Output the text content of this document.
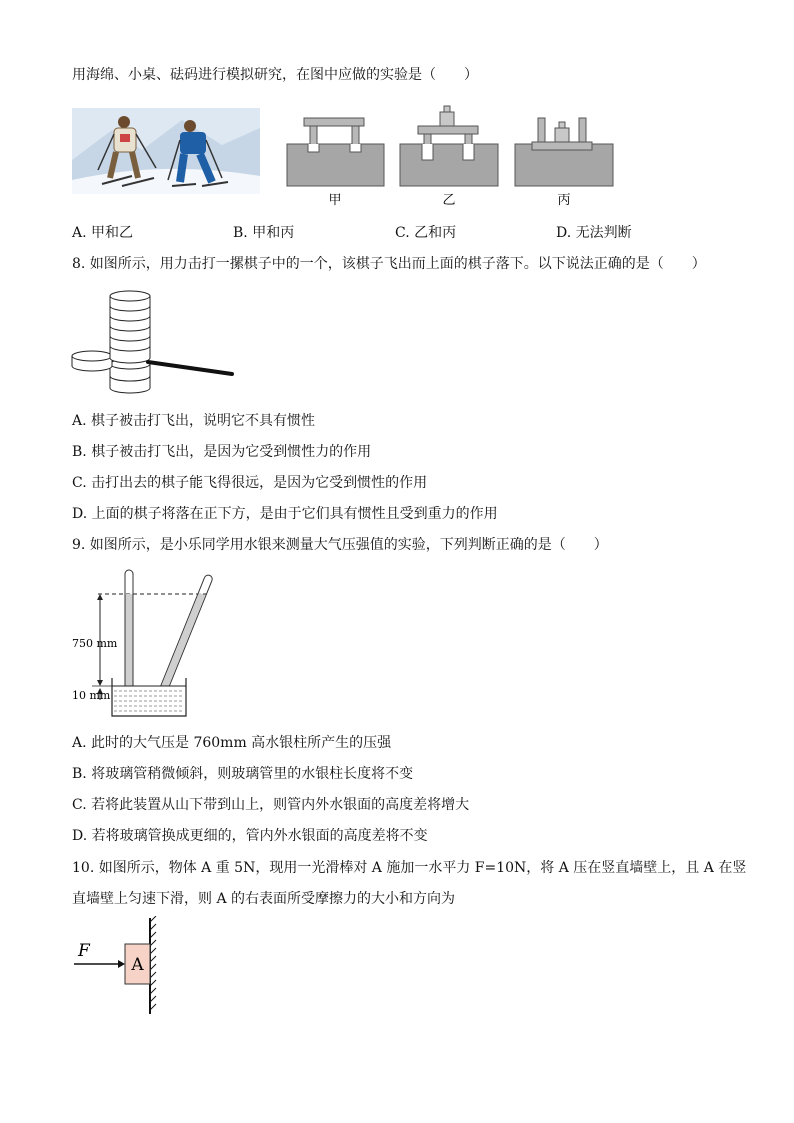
用海绵、小桌、砝码进行模拟研究，在图中应做的实验是（　　）
甲	乙	丙
A. 甲和乙	B. 甲和丙	C. 乙和丙	D. 无法判断
8. 如图所示，用力击打一摞棋子中的一个，该棋子飞出而上面的棋子落下。以下说法正确的是（　　）
A. 棋子被击打飞出，说明它不具有惯性
B. 棋子被击打飞出，是因为它受到惯性力的作用
C. 击打出去的棋子能飞得很远，是因为它受到惯性的作用
D. 上面的棋子将落在正下方，是由于它们具有惯性且受到重力的作用
9. 如图所示，是小乐同学用水银来测量大气压强值的实验，下列判断正确的是（　　）
750 mm
10 mm
A. 此时的大气压是 760mm 高水银柱所产生的压强
B. 将玻璃管稍微倾斜，则玻璃管里的水银柱长度将不变
C. 若将此装置从山下带到山上，则管内外水银面的高度差将增大
D. 若将玻璃管换成更细的，管内外水银面的高度差将不变
10. 如图所示，物体 A 重 5N，现用一光滑棒对 A 施加一水平力 F=10N，将 A 压在竖直墙壁上，且 A 在竖
直墙壁上匀速下滑，则 A 的右表面所受摩擦力的大小和方向为
A
F
